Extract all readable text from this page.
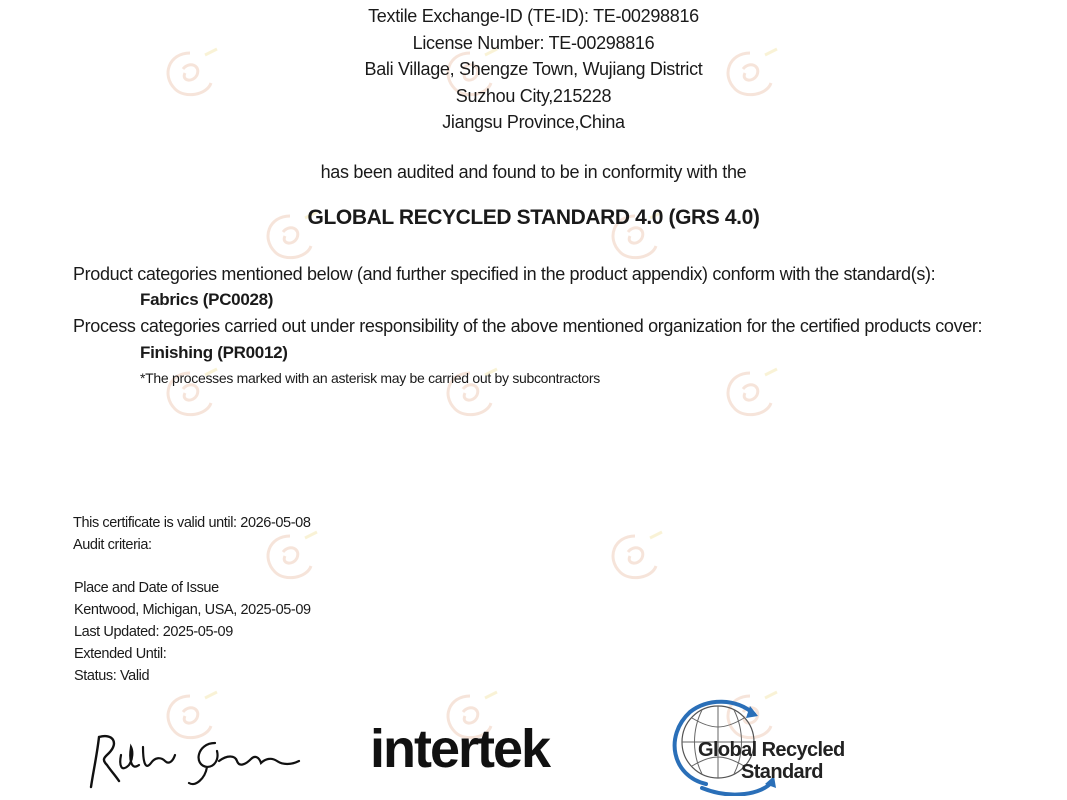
Textile Exchange-ID (TE-ID): TE-00298816
License Number: TE-00298816
Bali Village, Shengze Town, Wujiang District
Suzhou City,215228
Jiangsu Province,China
has been audited and found to be in conformity with the
GLOBAL RECYCLED STANDARD 4.0 (GRS 4.0)
Product categories mentioned below (and further specified in the product appendix) conform with the standard(s):
Fabrics (PC0028)
Process categories carried out under responsibility of the above mentioned organization for the certified products cover:
Finishing (PR0012)
*The processes marked with an asterisk may be carried out by subcontractors
This certificate is valid until: 2026-05-08
Audit criteria:
Place and Date of Issue
Kentwood, Michigan, USA, 2025-05-09
Last Updated: 2025-05-09
Extended Until:
Status: Valid
intertek	Global Recycled
Standard
